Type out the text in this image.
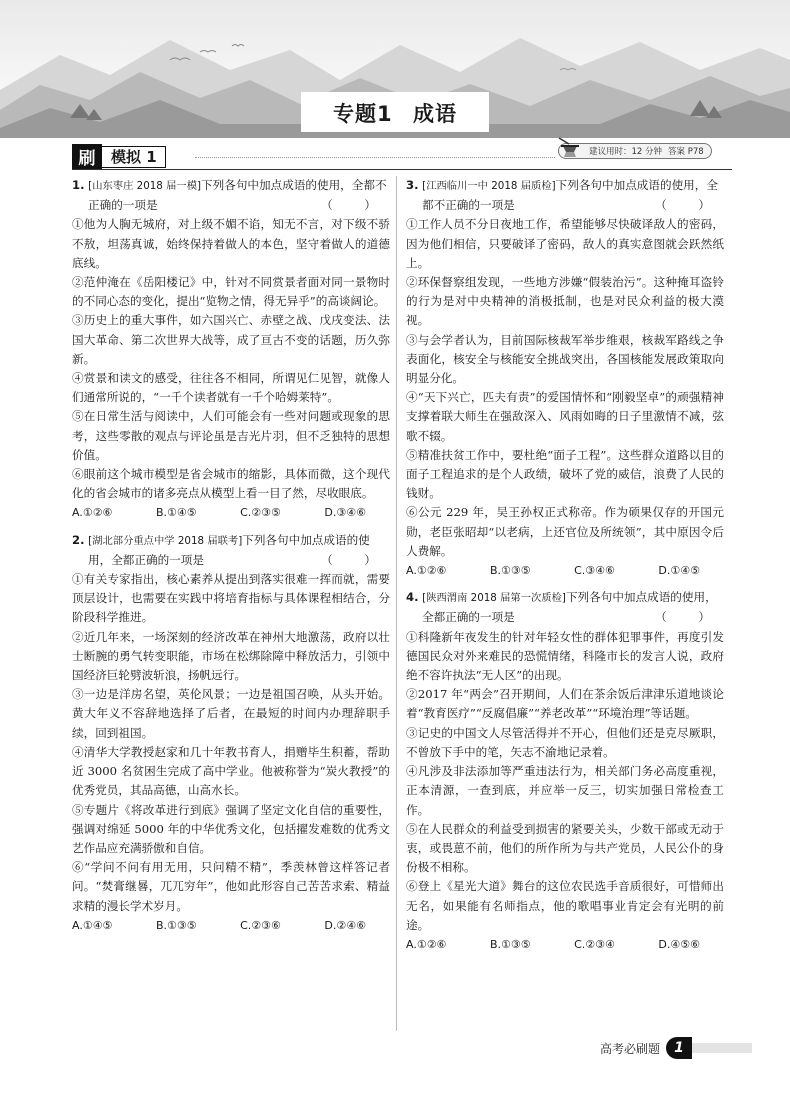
专题1 成语
刷	模拟 1	建议用时：12 分钟 答案 P78
1. [山东枣庄 2018 届一模]下列各句中加点成语的使用，全都不正确的一项是	（ ）

①他为人胸无城府，对上级不媚不谄，知无不言，对下级不骄不敖，坦荡真诚，始终保持着做人的本色，坚守着做人的道德底线。

②范仲淹在《岳阳楼记》中，针对不同赏景者面对同一景物时的不同心态的变化，提出“览物之情，得无异乎”的高谈阔论。

③历史上的重大事件，如六国兴亡、赤壁之战、戊戌变法、法国大革命、第二次世界大战等，成了亘古不变的话题，历久弥新。

④赏景和读文的感受，往往各不相同，所谓见仁见智，就像人们通常所说的，“一千个读者就有一千个哈姆莱特”。

⑤在日常生活与阅读中，人们可能会有一些对问题或现象的思考，这些零散的观点与评论虽是吉光片羽，但不乏独特的思想价值。

⑥眼前这个城市模型是省会城市的缩影，具体而微，这个现代化的省会城市的诸多亮点从模型上看一目了然，尽收眼底。

A.①②⑥	B.①④⑤	C.②③⑤	D.③④⑥
2. [湖北部分重点中学 2018 届联考]下列各句中加点成语的使用，全都正确的一项是	（ ）

①有关专家指出，核心素养从提出到落实很难一挥而就，需要顶层设计，也需要在实践中将培育指标与具体课程相结合，分阶段科学推进。

②近几年来，一场深刻的经济改革在神州大地激荡，政府以壮士断腕的勇气转变职能，市场在松绑除障中释放活力，引领中国经济巨轮劈波斩浪，扬帆远行。

③一边是洋房名望，英伦风景；一边是祖国召唤，从头开始。黄大年义不容辞地选择了后者，在最短的时间内办理辞职手续，回到祖国。

④清华大学教授赵家和几十年教书育人，捐赠毕生积蓄，帮助近 3000 名贫困生完成了高中学业。他被称誉为“炭火教授”的优秀党员，其品高德，山高水长。

⑤专题片《将改革进行到底》强调了坚定文化自信的重要性，强调对绵延 5000 年的中华优秀文化，包括擢发难数的优秀文艺作品应充满骄傲和自信。

⑥“学问不问有用无用，只问精不精”，季羡林曾这样答记者问。“焚膏继晷，兀兀穷年”，他如此形容自己苦苦求索、精益求精的漫长学术岁月。

A.①④⑤	B.①③⑤	C.②③⑥	D.②④⑥
3. [江西临川一中 2018 届质检]下列各句中加点成语的使用，全都不正确的一项是	（ ）

①工作人员不分日夜地工作，希望能够尽快破译敌人的密码，因为他们相信，只要破译了密码，敌人的真实意图就会跃然纸上。

②环保督察组发现，一些地方涉嫌“假装治污”。这种掩耳盗铃的行为是对中央精神的消极抵制，也是对民众利益的极大漠视。

③与会学者认为，目前国际核裁军举步维艰，核裁军路线之争表面化，核安全与核能安全挑战突出，各国核能发展政策取向明显分化。

④“天下兴亡，匹夫有责”的爱国情怀和“刚毅坚卓”的顽强精神支撑着联大师生在强敌深入、风雨如晦的日子里激情不减，弦歌不辍。

⑤精准扶贫工作中，要杜绝“面子工程”。这些群众道路以目的面子工程追求的是个人政绩，破坏了党的威信，浪费了人民的钱财。

⑥公元 229 年，吴王孙权正式称帝。作为硕果仅存的开国元勋，老臣张昭却“以老病，上还官位及所统领”，其中原因令后人费解。

A.①②⑥	B.①③⑤	C.③④⑥	D.①④⑤
4. [陕西渭南 2018 届第一次质检]下列各句中加点成语的使用，全都正确的一项是	（ ）

①科隆新年夜发生的针对年轻女性的群体犯罪事件，再度引发德国民众对外来难民的恐慌情绪，科隆市长的发言人说，政府绝不容许执法“无人区”的出现。

②2017 年“两会”召开期间，人们在茶余饭后津津乐道地谈论着“教育医疗”“反腐倡廉”“养老改革”“环境治理”等话题。

③记史的中国文人尽管活得并不开心，但他们还是克尽厥职，不曾放下手中的笔，矢志不渝地记录着。

④凡涉及非法添加等严重违法行为，相关部门务必高度重视，正本清源，一查到底，并应举一反三，切实加强日常检查工作。

⑤在人民群众的利益受到损害的紧要关头，少数干部或无动于衷，或畏葸不前，他们的所作所为与共产党员，人民公仆的身份极不相称。

⑥登上《星光大道》舞台的这位农民选手音质很好，可惜师出无名，如果能有名师指点，他的歌唱事业肯定会有光明的前途。

A.①②⑥	B.①③⑤	C.②③④	D.④⑤⑥
高考必刷题	1
